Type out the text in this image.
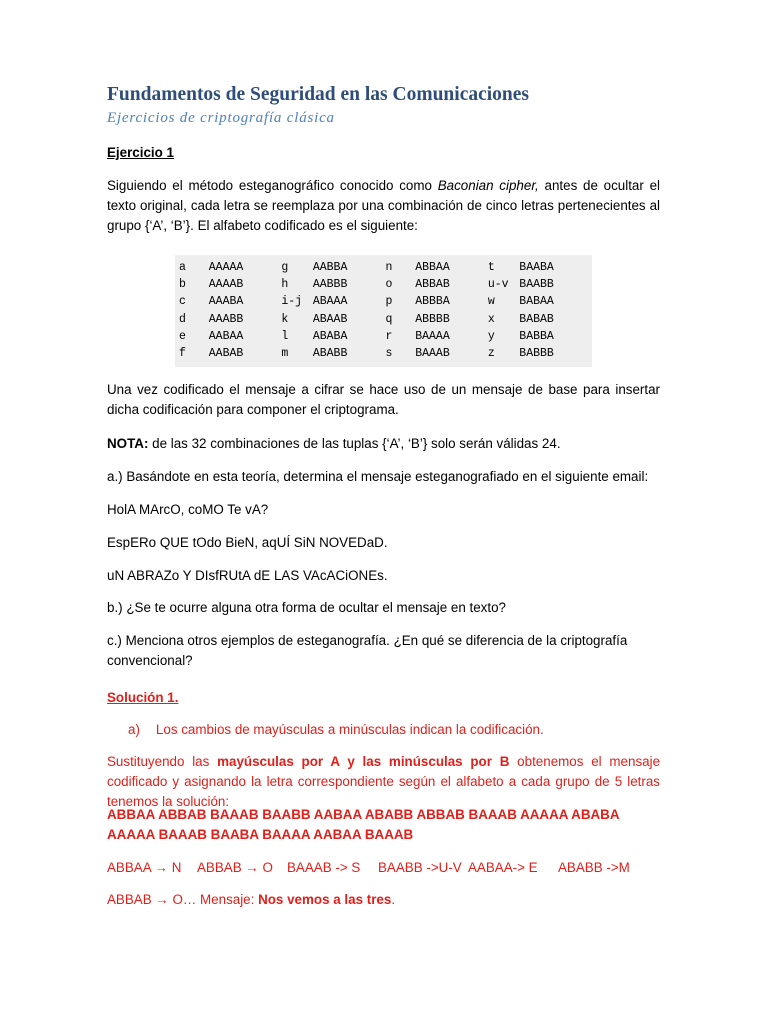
Fundamentos de Seguridad en las Comunicaciones
Ejercicios de criptografía clásica
Ejercicio 1
Siguiendo el método esteganográfico conocido como Baconian cipher, antes de ocultar el texto original, cada letra se reemplaza por una combinación de cinco letras pertenecientes al grupo {‘A’, ‘B’}. El alfabeto codificado es el siguiente:
a	AAAAA	g	AABBA	n	ABBAA	t	BAABA
b	AAAAB	h	AABBB	o	ABBAB	u-v	BAABB
c	AAABA	i-j	ABAAA	p	ABBBA	w	BABAA
d	AAABB	k	ABAAB	q	ABBBB	x	BABAB
e	AABAA	l	ABABA	r	BAAAA	y	BABBA
f	AABAB	m	ABABB	s	BAAAB	z	BABBB
Una vez codificado el mensaje a cifrar se hace uso de un mensaje de base para insertar dicha codificación para componer el criptograma.
NOTA: de las 32 combinaciones de las tuplas {‘A’, ‘B’} solo serán válidas 24.
a.) Basándote en esta teoría, determina el mensaje esteganografiado en el siguiente email:
HolA MArcO, coMO Te vA?
EspERo QUE tOdo BieN, aqUÍ SiN NOVEDaD.
uN ABRAZo Y DIsfRUtA dE LAS VAcACiONEs.
b.) ¿Se te ocurre alguna otra forma de ocultar el mensaje en texto?
c.) Menciona otros ejemplos de esteganografía. ¿En qué se diferencia de la criptografía convencional?
Solución 1.
a) Los cambios de mayúsculas a minúsculas indican la codificación.
Sustituyendo las mayúsculas por A y las minúsculas por B obtenemos el mensaje codificado y asignando la letra correspondiente según el alfabeto a cada grupo de 5 letras tenemos la solución:
ABBAA ABBAB BAAAB BAABB AABAA ABABB ABBAB BAAAB AAAAA ABABA AAAAA BAAAB BAABA BAAAA AABAA BAAAB
ABBAA → N ABBAB → O BAAAB -> S BAABB ->U-V AABAA-> E ABABB ->M
ABBAB → O… Mensaje: Nos vemos a las tres.
